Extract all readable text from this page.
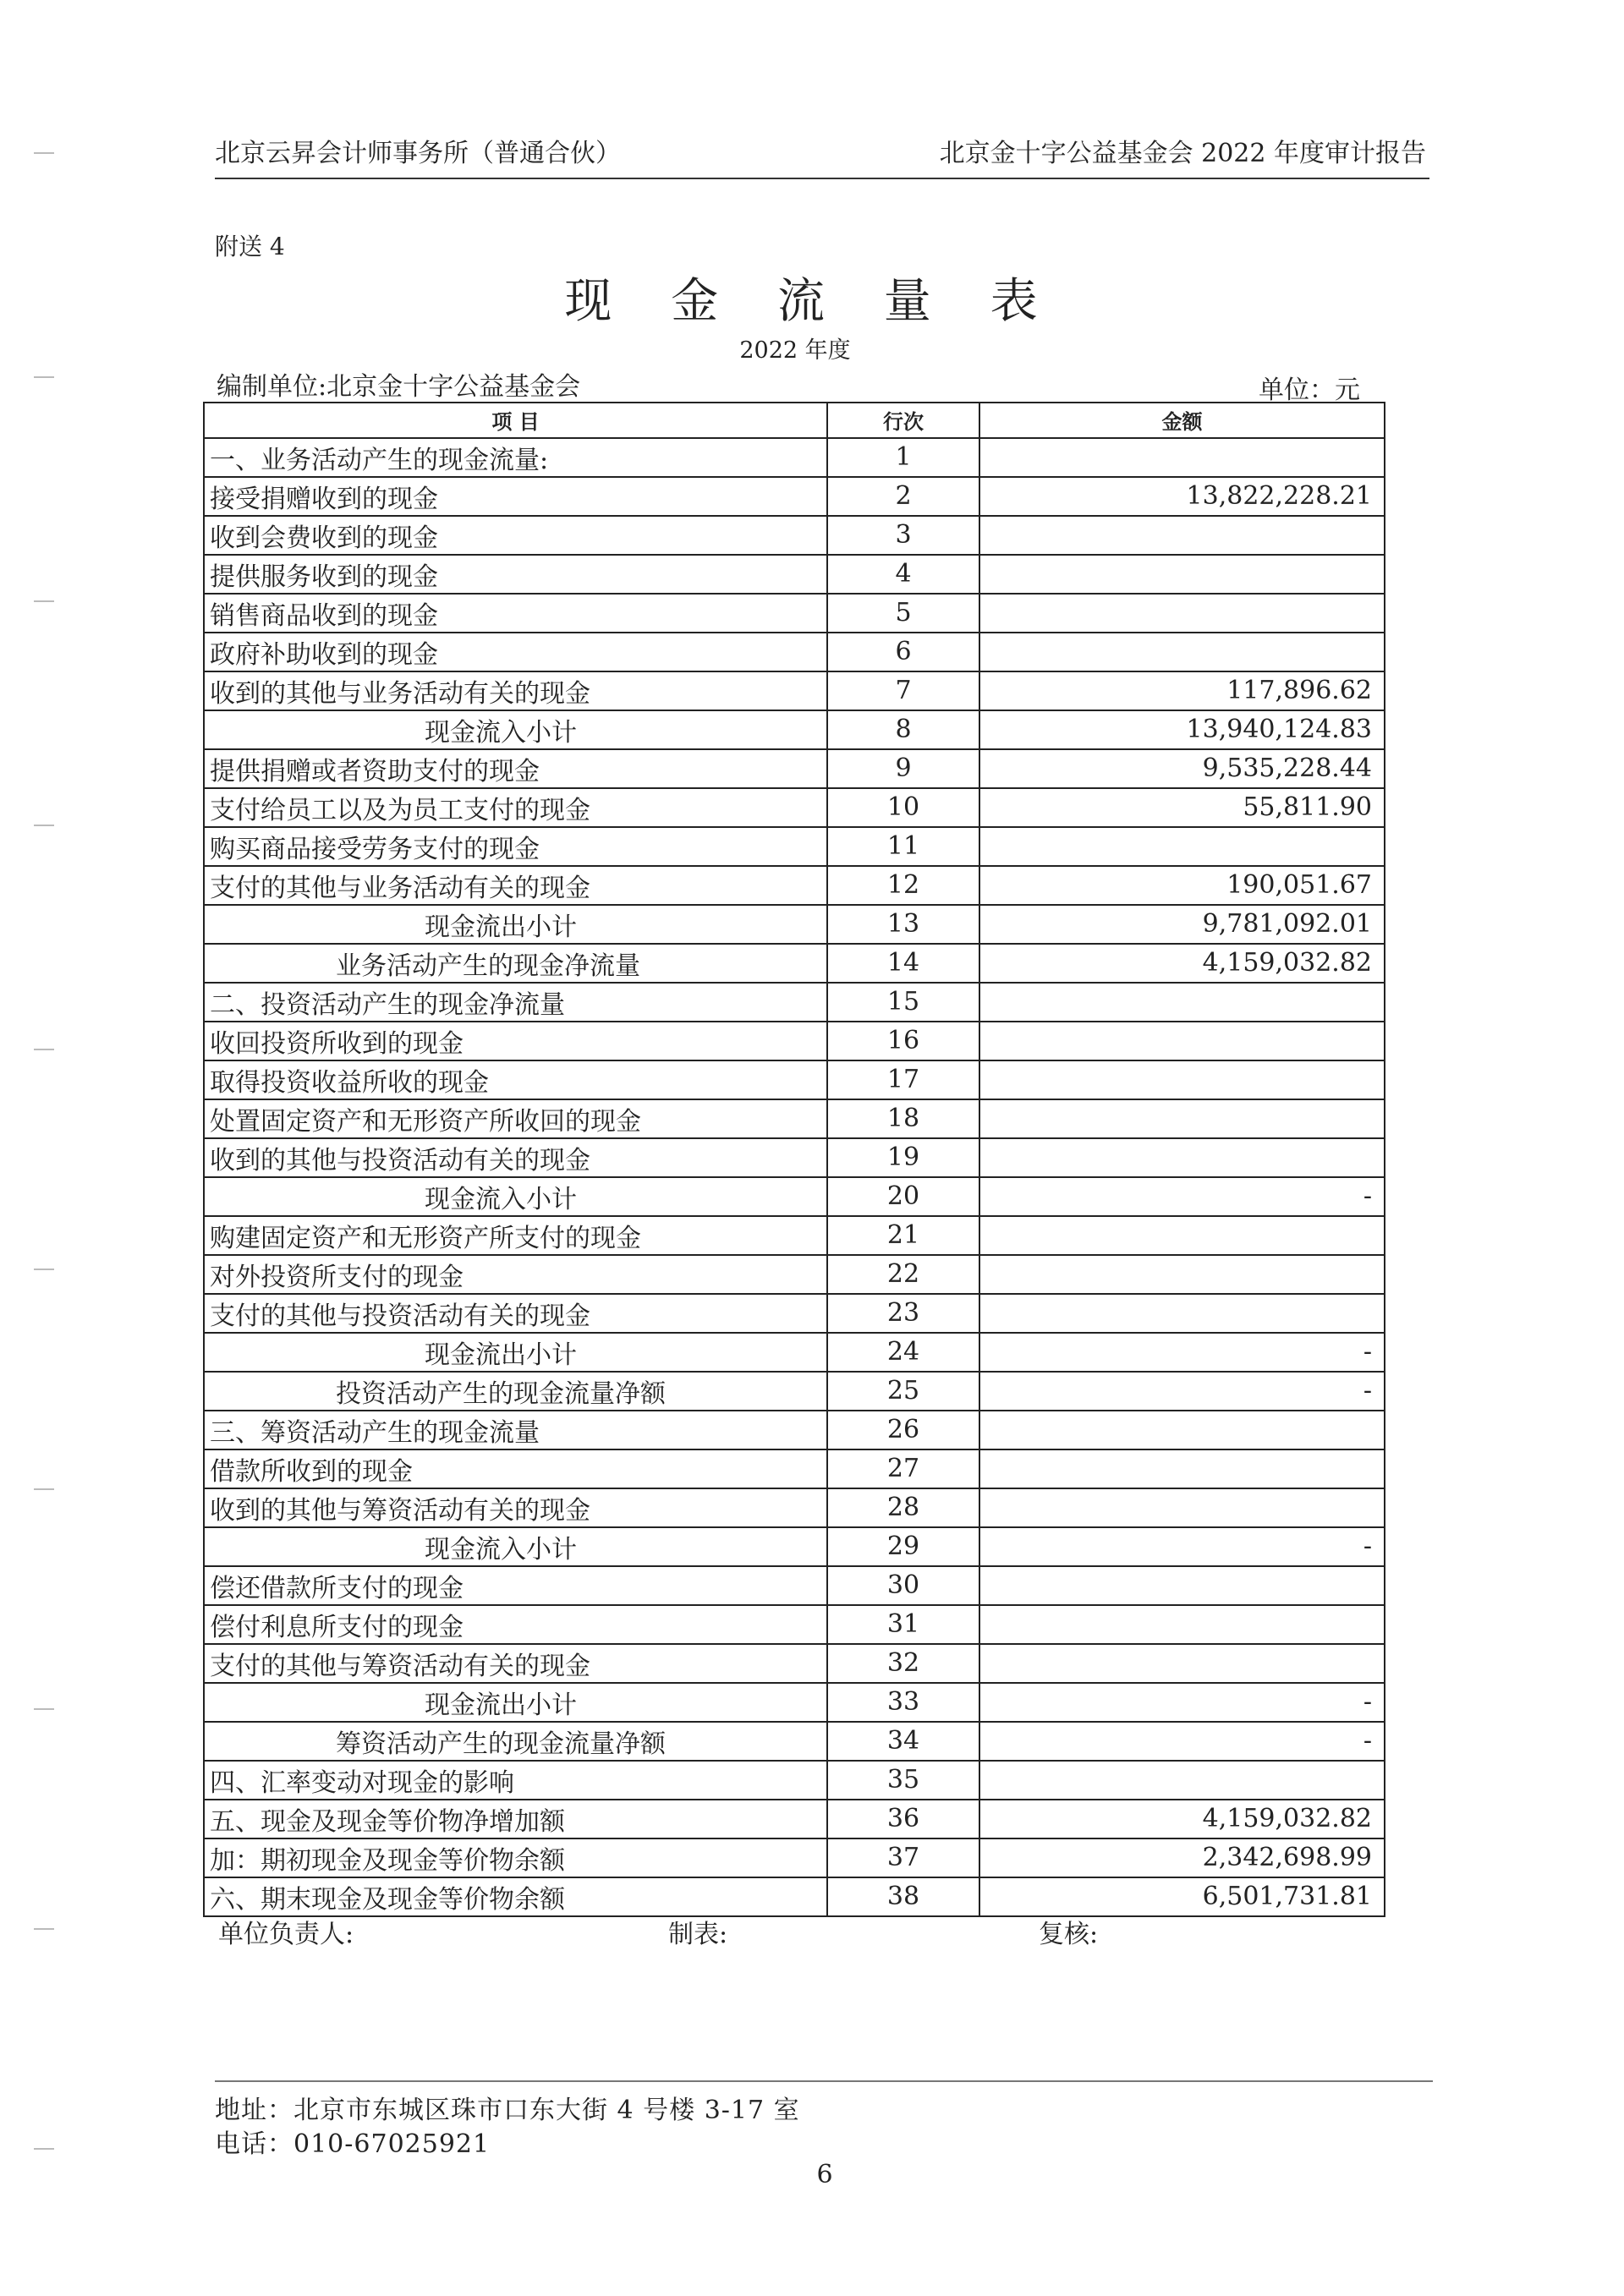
北京云昇会计师事务所（普通合伙）	北京金十字公益基金会 2022 年度审计报告
附送 4
现 金 流 量 表
2022 年度
编制单位:北京金十字公益基金会	单位：元
项 目	行次	金额
一、业务活动产生的现金流量:	1	
接受捐赠收到的现金	2	13,822,228.21
收到会费收到的现金	3	
提供服务收到的现金	4	
销售商品收到的现金	5	
政府补助收到的现金	6	
收到的其他与业务活动有关的现金	7	117,896.62
现金流入小计	8	13,940,124.83
提供捐赠或者资助支付的现金	9	9,535,228.44
支付给员工以及为员工支付的现金	10	55,811.90
购买商品接受劳务支付的现金	11	
支付的其他与业务活动有关的现金	12	190,051.67
现金流出小计	13	9,781,092.01
业务活动产生的现金净流量	14	4,159,032.82
二、投资活动产生的现金净流量	15	
收回投资所收到的现金	16	
取得投资收益所收的现金	17	
处置固定资产和无形资产所收回的现金	18	
收到的其他与投资活动有关的现金	19	
现金流入小计	20	-
购建固定资产和无形资产所支付的现金	21	
对外投资所支付的现金	22	
支付的其他与投资活动有关的现金	23	
现金流出小计	24	-
投资活动产生的现金流量净额	25	-
三、筹资活动产生的现金流量	26	
借款所收到的现金	27	
收到的其他与筹资活动有关的现金	28	
现金流入小计	29	-
偿还借款所支付的现金	30	
偿付利息所支付的现金	31	
支付的其他与筹资活动有关的现金	32	
现金流出小计	33	-
筹资活动产生的现金流量净额	34	-
四、汇率变动对现金的影响	35	
五、现金及现金等价物净增加额	36	4,159,032.82
加：期初现金及现金等价物余额	37	2,342,698.99
六、期末现金及现金等价物余额	38	6,501,731.81
单位负责人:	制表:	复核:
地址：北京市东城区珠市口东大街 4 号楼 3-17 室
电话：010-67025921
6
